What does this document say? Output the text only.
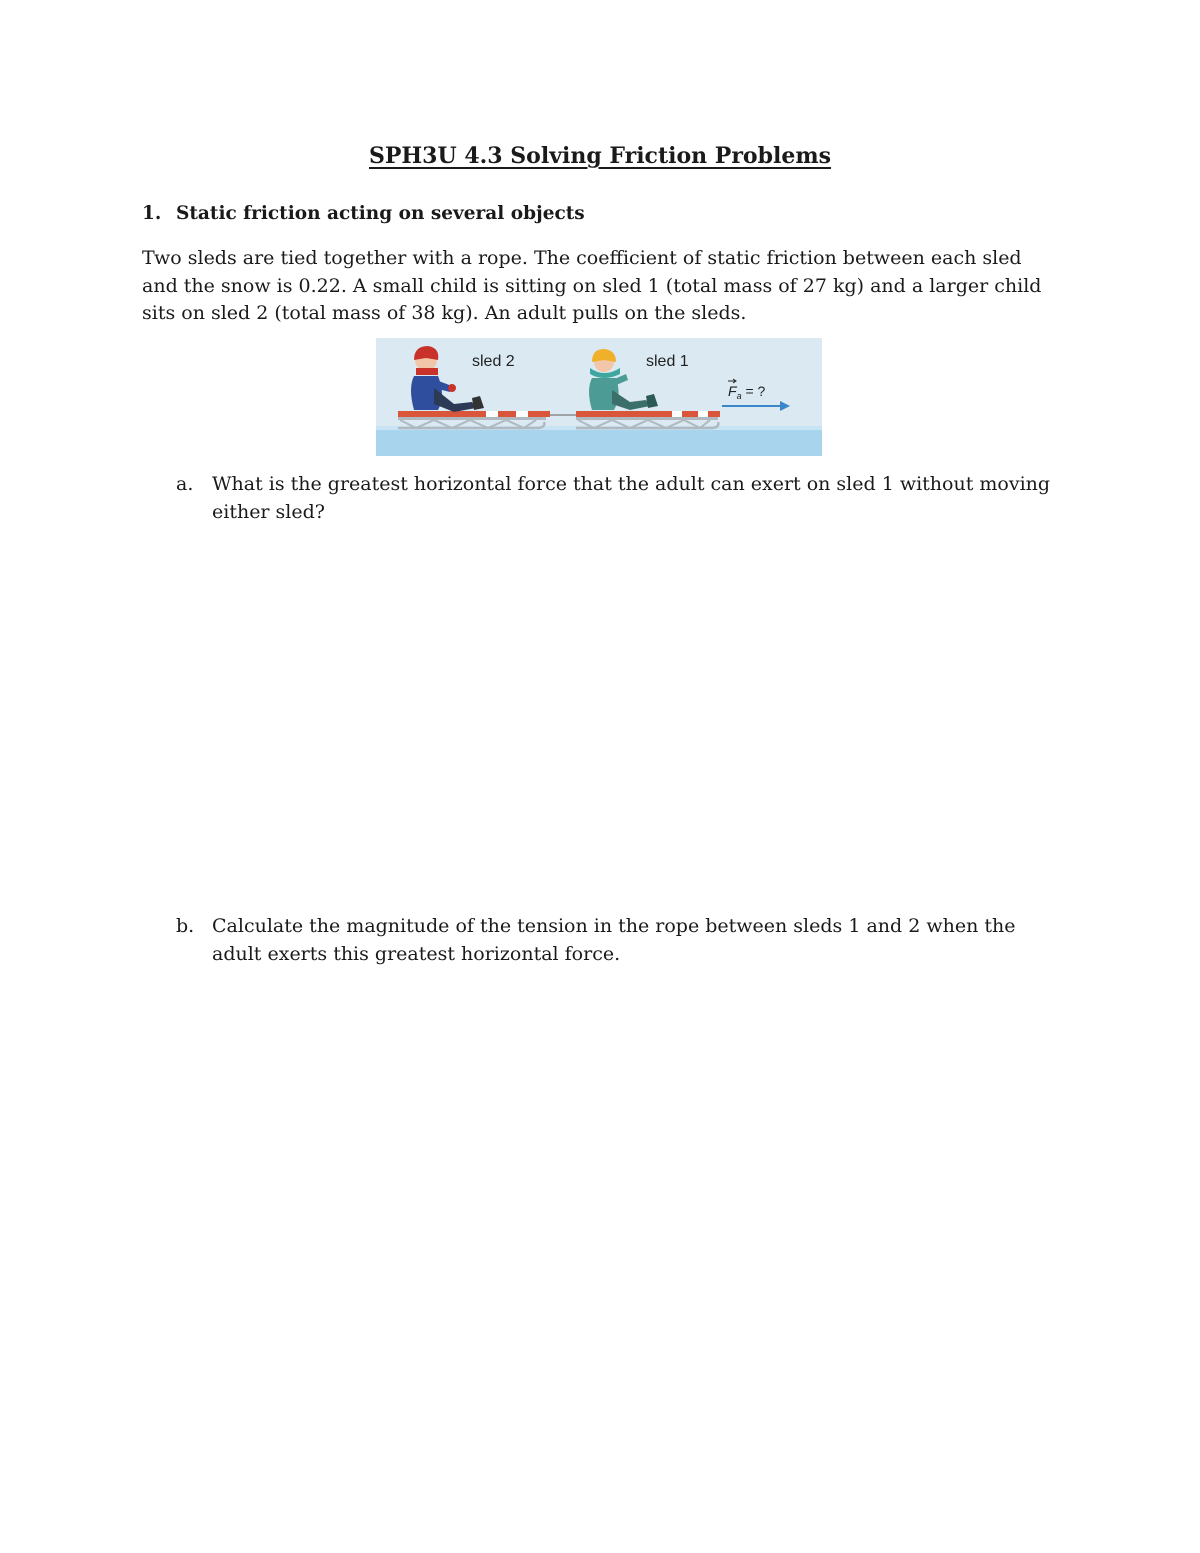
SPH3U 4.3 Solving Friction Problems
1. Static friction acting on several objects
Two sleds are tied together with a rope. The coefficient of static friction between each sled and the snow is 0.22. A small child is sitting on sled 1 (total mass of 27 kg) and a larger child sits on sled 2 (total mass of 38 kg). An adult pulls on the sleds.
sled 2	sled 1
$F_a$ = ?
a. What is the greatest horizontal force that the adult can exert on sled 1 without moving either sled?
b. Calculate the magnitude of the tension in the rope between sleds 1 and 2 when the adult exerts this greatest horizontal force.
